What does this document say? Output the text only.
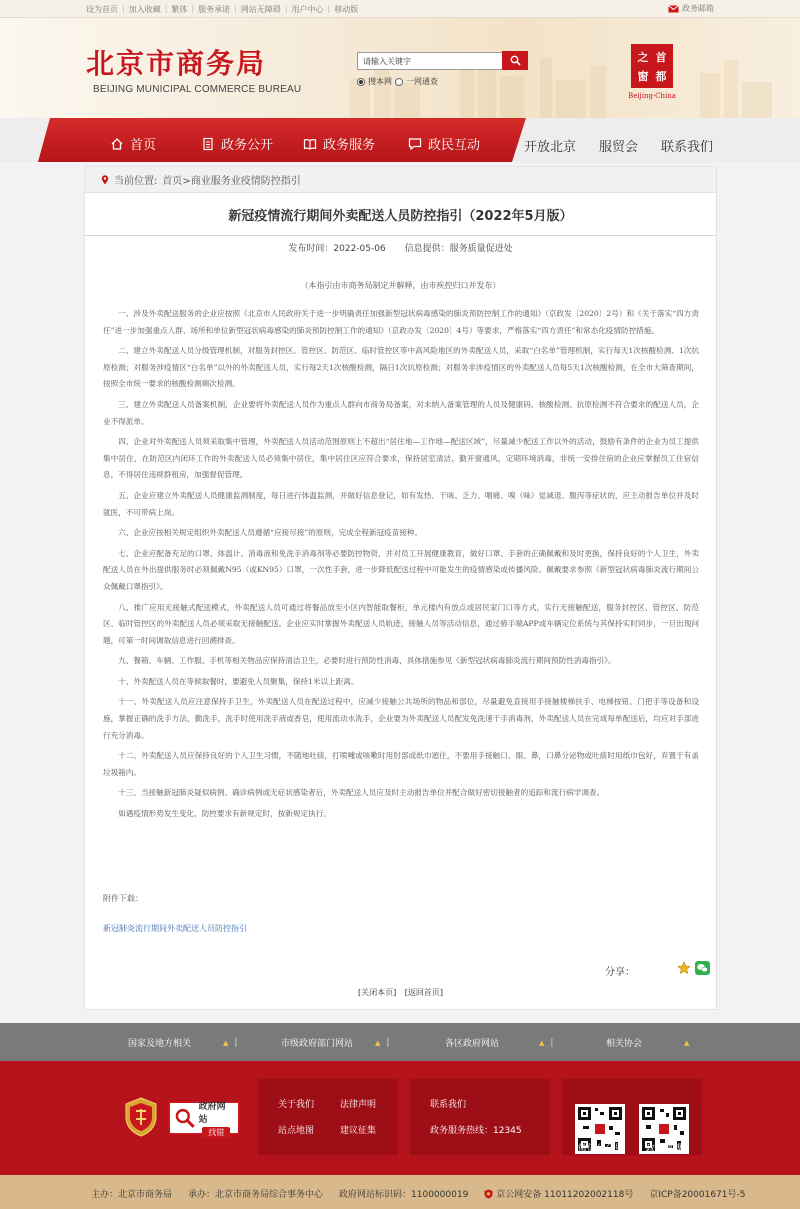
设为首页 | 加入收藏 | 繁体 | 服务承诺 | 网站无障碍 | 用户中心 | 移动版	政务邮箱
北京市商务局
BEIJING MUNICIPAL COMMERCE BUREAU
请输入关键字
搜本网 一网通查
之 首
窗 都
Beijing·China
首页	政务公开	政务服务	政民互动	开放北京 服贸会 联系我们
当前位置: 首页>商业服务业疫情防控指引
新冠疫情流行期间外卖配送人员防控指引（2022年5月版）
发布时间：2022-05-06 信息提供：服务质量促进处
（本指引由市商务局制定并解释，由市疾控归口并发布）

一、涉及外卖配送服务的企业应按照《北京市人民政府关于进一步明确责任加强新型冠状病毒感染的肺炎预防控制工作的通知》（京政发〔2020〕2号）和《关于落实“四方责任”进一步加强重点人群、场所和单位新型冠状病毒感染的肺炎预防控制工作的通知》（京政办发〔2020〕4号）等要求，严格落实“四方责任”和常态化疫情防控措施。

二、建立外卖配送人员分级管理机制，对服务封控区、管控区、防范区、临时管控区等中高风险地区的外卖配送人员，采取“白名单”管理机制，实行每天1次核酸检测、1次抗原检测；对服务涉疫情区“白名单”以外的外卖配送人员，实行每2天1次核酸检测，隔日1次抗原检测；对服务非涉疫情区的外卖配送人员每5天1次核酸检测，在全市大筛查期间，按照全市统一要求的核酸检测频次检测。

三、建立外卖配送人员备案机制，企业要将外卖配送人员作为重点人群向市商务局备案，对未纳入备案管理的人员及健康码、核酸检测、抗原检测不符合要求的配送人员，企业不得派单。

四、企业对外卖配送人员须采取集中管理，外卖配送人员活动范围原则上不超出“居住地—工作地—配送区域”，尽量减少配送工作以外的活动，鼓励有条件的企业为员工提供集中居住，在防范区内闭环工作的外卖配送人员必须集中居住，集中居住区应符合要求，保持居室清洁，勤开窗通风，定期环境消毒，非统一安排住宿的企业应掌握员工住宿信息，不得居住违规群租房，加强督促管理。

五、企业应建立外卖配送人员健康监测制度，每日进行体温监测，并做好信息登记，如有发热、干咳、乏力、咽痛、嗅（味）觉减退、腹泻等症状的，应主动报告单位并及时就医，不可带病上岗。

六、企业应按相关规定组织外卖配送人员遵循“应接尽接”的原则，完成全程新冠疫苗接种。

七、企业应配备充足的口罩、体温计、消毒液和免洗手消毒剂等必要防控物资，并对员工开展健康教育，做好口罩、手套的正确佩戴和及时更换，保持良好的个人卫生，外卖配送人员在外出提供服务时必须佩戴N95（或KN95）口罩，一次性手套，进一步降低配送过程中可能发生的疫情感染或传播风险。佩戴要求参照《新型冠状病毒肺炎流行期间公众佩戴口罩指引》。

八、推广应用无接触式配送模式，外卖配送人员可通过将餐品放至小区内智能取餐柜，单元楼内有放点或居民家门口等方式，实行无接触配送，服务封控区、管控区、防范区、临时管控区的外卖配送人员必须采取无接触配送。企业应实时掌握外卖配送人员轨迹，接触人员等活动信息，通过骑手端APP或车辆定位系统与其保持实时同步，一旦出现问题，可第一时间调取信息进行回溯排查。

九、餐箱、车辆、工作服、手机等相关物品应保持清洁卫生，必要时进行预防性消毒，具体措施参见《新型冠状病毒肺炎流行期间预防性消毒指引》。

十、外卖配送人员在等候取餐时，要避免人员聚集，保持1米以上距离。

十一、外卖配送人员应注意保持手卫生，外卖配送人员在配送过程中，应减少接触公共场所的物品和部位，尽量避免直接用手接触楼梯扶手、电梯按钮、门把手等设备和设施，掌握正确的洗手方法，勤洗手，洗手时使用洗手液或香皂，使用流动水洗手，企业要为外卖配送人员配发免洗速干手消毒剂，外卖配送人员在完成每单配送后，均应对手部进行充分消毒。

十二、外卖配送人员应保持良好的个人卫生习惯，不随地吐痰，打喷嚏或咳嗽时用肘部或纸巾遮住，不要用手接触口、眼、鼻，口鼻分泌物或吐痰时用纸巾包好，弃置于有盖垃圾箱内。

十三、当接触新冠肺炎疑似病例、确诊病例或无症状感染者后，外卖配送人员应及时主动报告单位并配合做好密切接触者的追踪和流行病学调查。

如遇疫情形势发生变化，防控要求有新规定时，按新规定执行。

附件下载：
新冠肺炎流行期间外卖配送人员防控指引
分享：
[关闭本页] [返回首页]
国家及地方相关	▲ |	市级政府部门网站	▲ |	各区政府网站	▲ |	相关协会	▲
政府网站
找错
关于我们	法律声明
站点地图	建议征集
联系我们
政务服务热线：12345
微信公众号	政务微博
主办：北京市商务局 承办：北京市商务局综合事务中心 政府网站标识码：1100000019	京公网安备 11011202002118号 京ICP备20001671号-5
